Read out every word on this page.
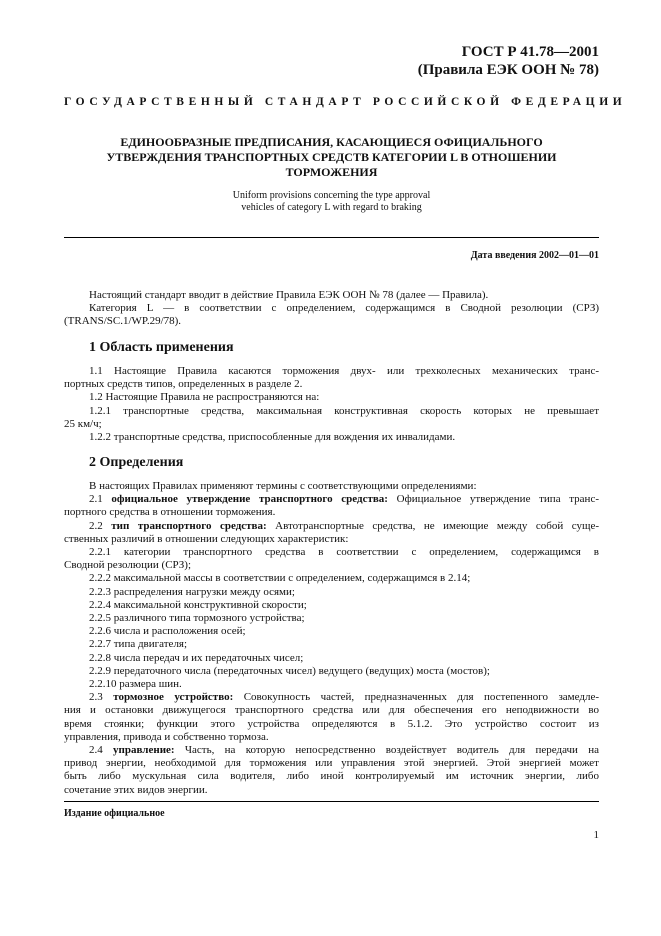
ГОСТ Р 41.78—2001
(Правила ЕЭК ООН № 78)
ГОСУДАРСТВЕННЫЙ СТАНДАРТ РОССИЙСКОЙ ФЕДЕРАЦИИ
ЕДИНООБРАЗНЫЕ ПРЕДПИСАНИЯ, КАСАЮЩИЕСЯ ОФИЦИАЛЬНОГО
УТВЕРЖДЕНИЯ ТРАНСПОРТНЫХ СРЕДСТВ КАТЕГОРИИ L В ОТНОШЕНИИ
ТОРМОЖЕНИЯ
Uniform provisions concerning the type approval
vehicles of category L with regard to braking
Дата введения 2002—01—01
Настоящий стандарт вводит в действие Правила ЕЭК ООН № 78 (далее — Правила).
Категория L — в соответствии с определением, содержащимся в Сводной резолюции (СРЗ)
(TRANS/SC.1/WP.29/78).
1 Область применения
1.1 Настоящие Правила касаются торможения двух- или трехколесных механических транс-
портных средств типов, определенных в разделе 2.
1.2 Настоящие Правила не распространяются на:
1.2.1 транспортные средства, максимальная конструктивная скорость которых не превышает
25 км/ч;
1.2.2 транспортные средства, приспособленные для вождения их инвалидами.
2 Определения
В настоящих Правилах применяют термины с соответствующими определениями:
2.1 официальное утверждение транспортного средства: Официальное утверждение типа транс-
портного средства в отношении торможения.
2.2 тип транспортного средства: Автотранспортные средства, не имеющие между собой суще-
ственных различий в отношении следующих характеристик:
2.2.1 категории транспортного средства в соответствии с определением, содержащимся в
Сводной резолюции (СРЗ);
2.2.2 максимальной массы в соответствии с определением, содержащимся в 2.14;
2.2.3 распределения нагрузки между осями;
2.2.4 максимальной конструктивной скорости;
2.2.5 различного типа тормозного устройства;
2.2.6 числа и расположения осей;
2.2.7 типа двигателя;
2.2.8 числа передач и их передаточных чисел;
2.2.9 передаточного числа (передаточных чисел) ведущего (ведущих) моста (мостов);
2.2.10 размера шин.
2.3 тормозное устройство: Совокупность частей, предназначенных для постепенного замедле-
ния и остановки движущегося транспортного средства или для обеспечения его неподвижности во
время стоянки; функции этого устройства определяются в 5.1.2. Это устройство состоит из
управления, привода и собственно тормоза.
2.4 управление: Часть, на которую непосредственно воздействует водитель для передачи на
привод энергии, необходимой для торможения или управления этой энергией. Этой энергией может
быть либо мускульная сила водителя, либо иной контролируемый им источник энергии, либо
сочетание этих видов энергии.
Издание официальное
1
